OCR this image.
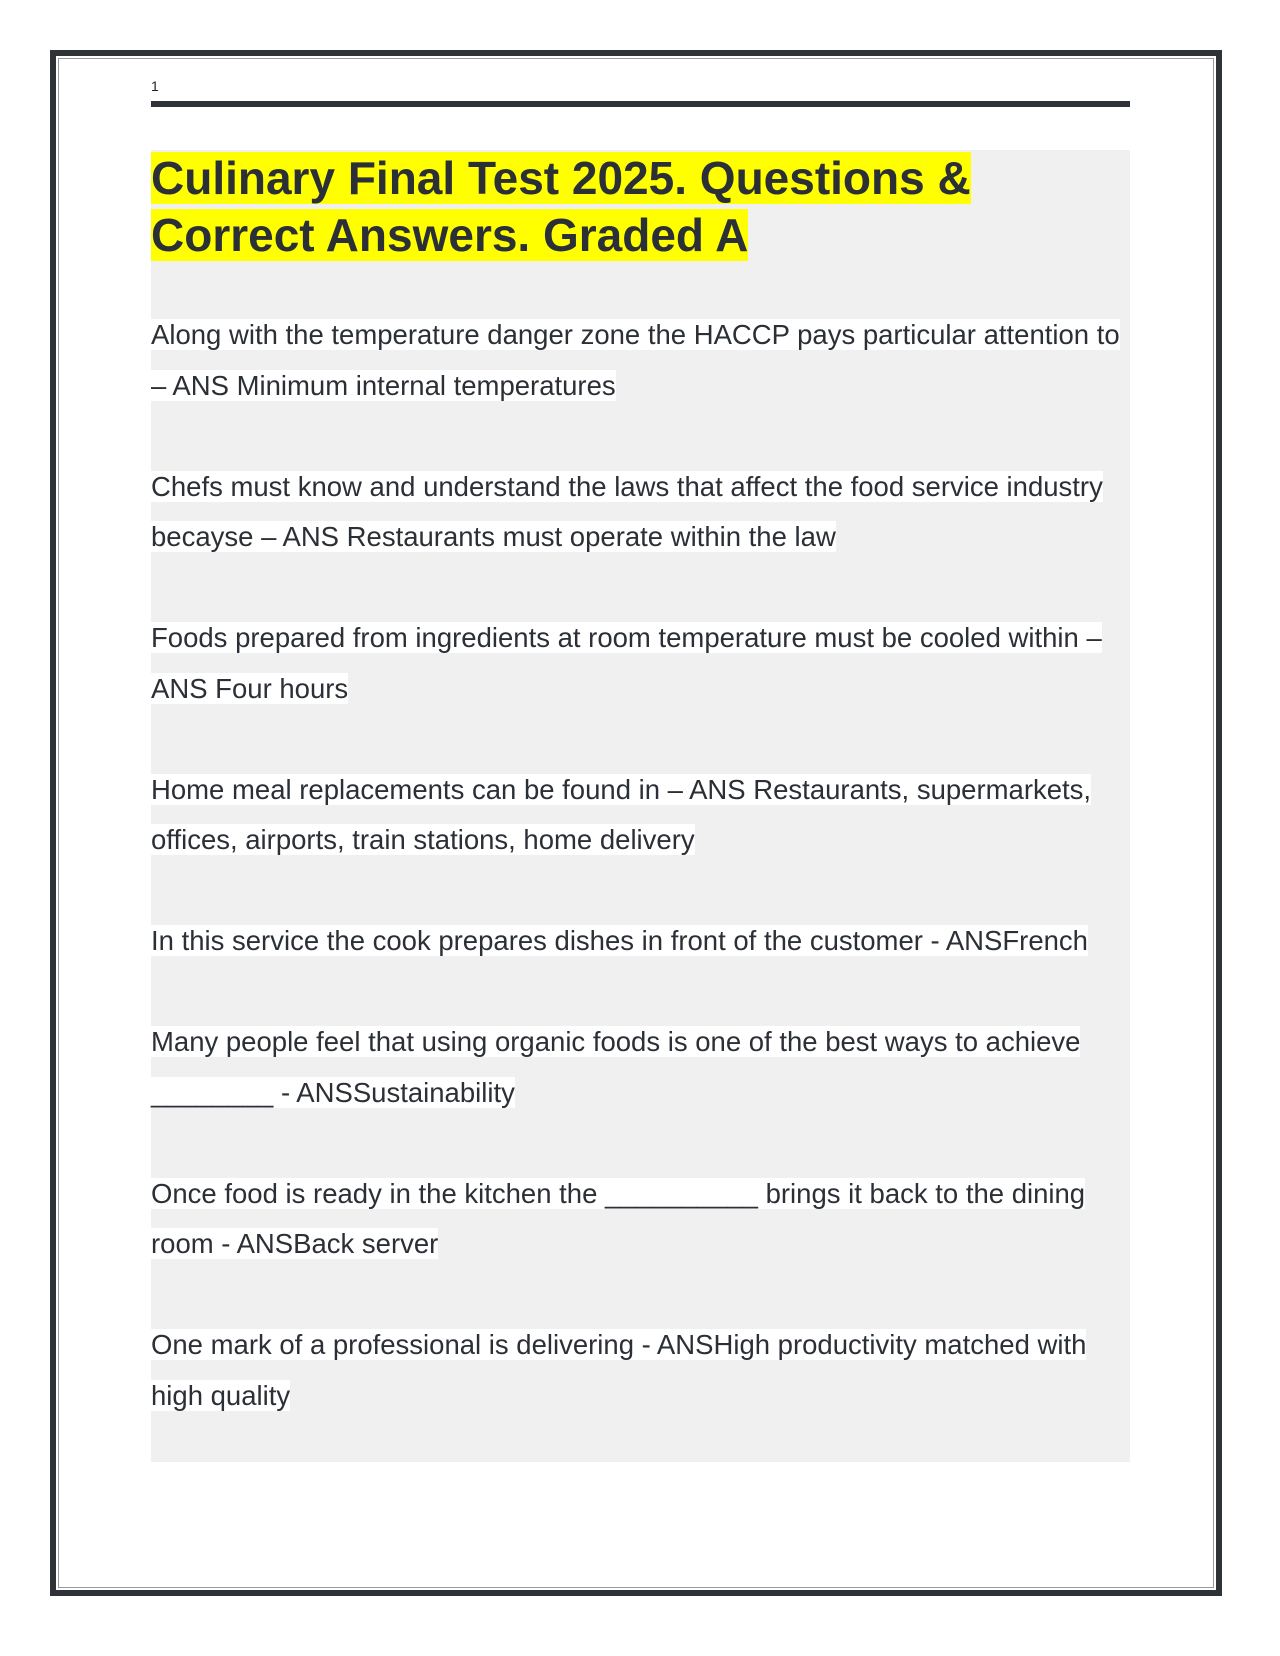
1
Culinary Final Test 2025. Questions & Correct Answers. Graded A
Along with the temperature danger zone the HACCP pays particular attention to – ANS Minimum internal temperatures
Chefs must know and understand the laws that affect the food service industry becayse – ANS Restaurants must operate within the law
Foods prepared from ingredients at room temperature must be cooled within – ANS Four hours
Home meal replacements can be found in – ANS Restaurants, supermarkets, offices, airports, train stations, home delivery
In this service the cook prepares dishes in front of the customer - ANSFrench
Many people feel that using organic foods is one of the best ways to achieve ________ - ANSSustainability
Once food is ready in the kitchen the __________ brings it back to the dining room - ANSBack server
One mark of a professional is delivering - ANSHigh productivity matched with high quality
